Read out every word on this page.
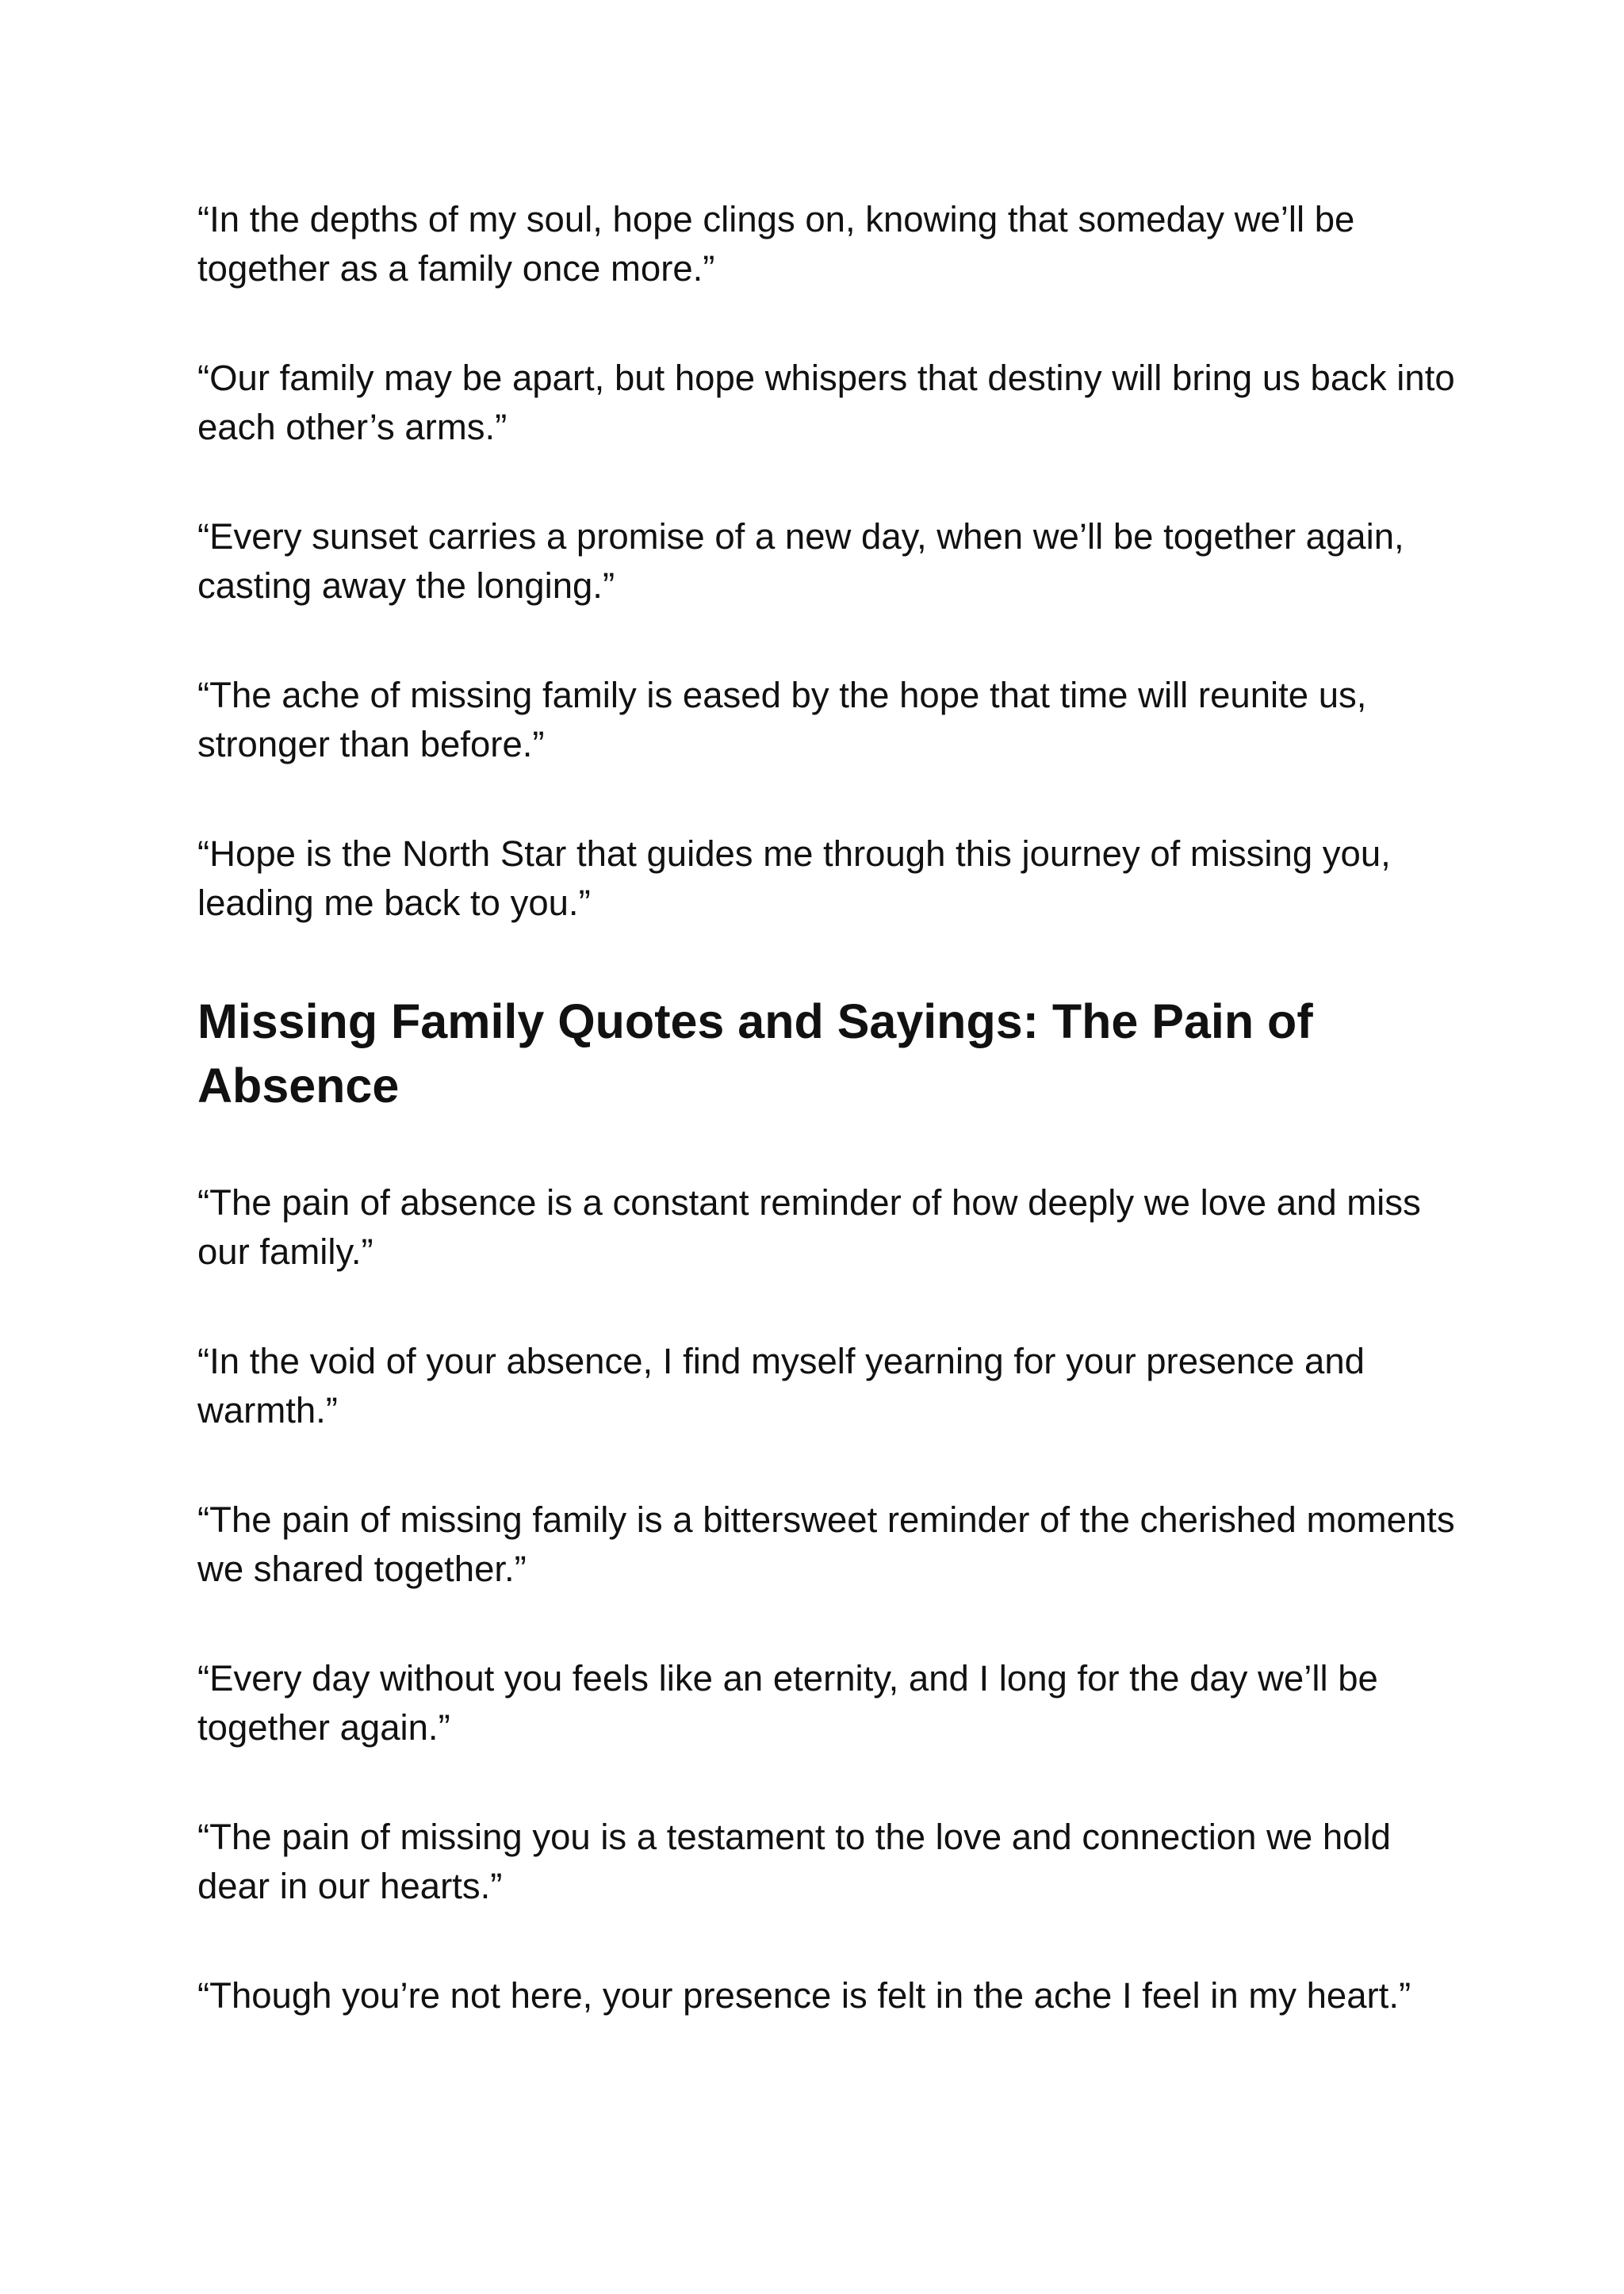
“In the depths of my soul, hope clings on, knowing that someday we’ll be together as a family once more.”

“Our family may be apart, but hope whispers that destiny will bring us back into each other’s arms.”

“Every sunset carries a promise of a new day, when we’ll be together again, casting away the longing.”

“The ache of missing family is eased by the hope that time will reunite us, stronger than before.”

“Hope is the North Star that guides me through this journey of missing you, leading me back to you.”

Missing Family Quotes and Sayings: The Pain of Absence

“The pain of absence is a constant reminder of how deeply we love and miss our family.”

“In the void of your absence, I find myself yearning for your presence and warmth.”

“The pain of missing family is a bittersweet reminder of the cherished moments we shared together.”

“Every day without you feels like an eternity, and I long for the day we’ll be together again.”

“The pain of missing you is a testament to the love and connection we hold dear in our hearts.”

“Though you’re not here, your presence is felt in the ache I feel in my heart.”
